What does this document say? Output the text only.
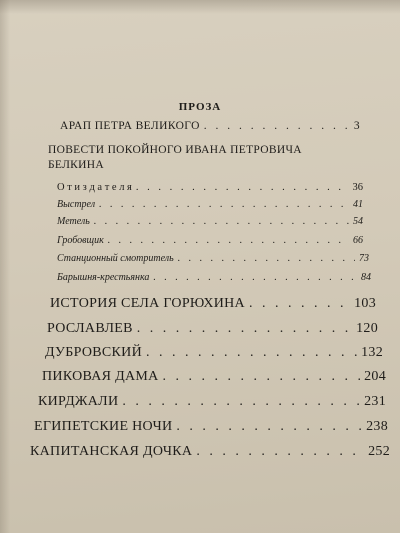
ПРОЗА
АРАП ПЕТРА ВЕЛИКОГО . . .	3
ПОВЕСТИ ПОКОЙНОГО ИВАНА ПЕТРОВИЧА
БЕЛКИНА
О т и з д а т е л я . . .	36
Выстрел . . .	41
Метель . . .	54
Гробовщик . . .	66
Станционный смотритель . . .	73
Барышня-крестьянка . . .	84
ИСТОРИЯ СЕЛА ГОРЮХИНА . . .	103
РОСЛАВЛЕВ . . .	120
ДУБРОВСКИЙ . . .	132
ПИКОВАЯ ДАМА . . .	204
КИРДЖАЛИ . . .	231
ЕГИПЕТСКИЕ НОЧИ . . .	238
КАПИТАНСКАЯ ДОЧКА . . .	252
